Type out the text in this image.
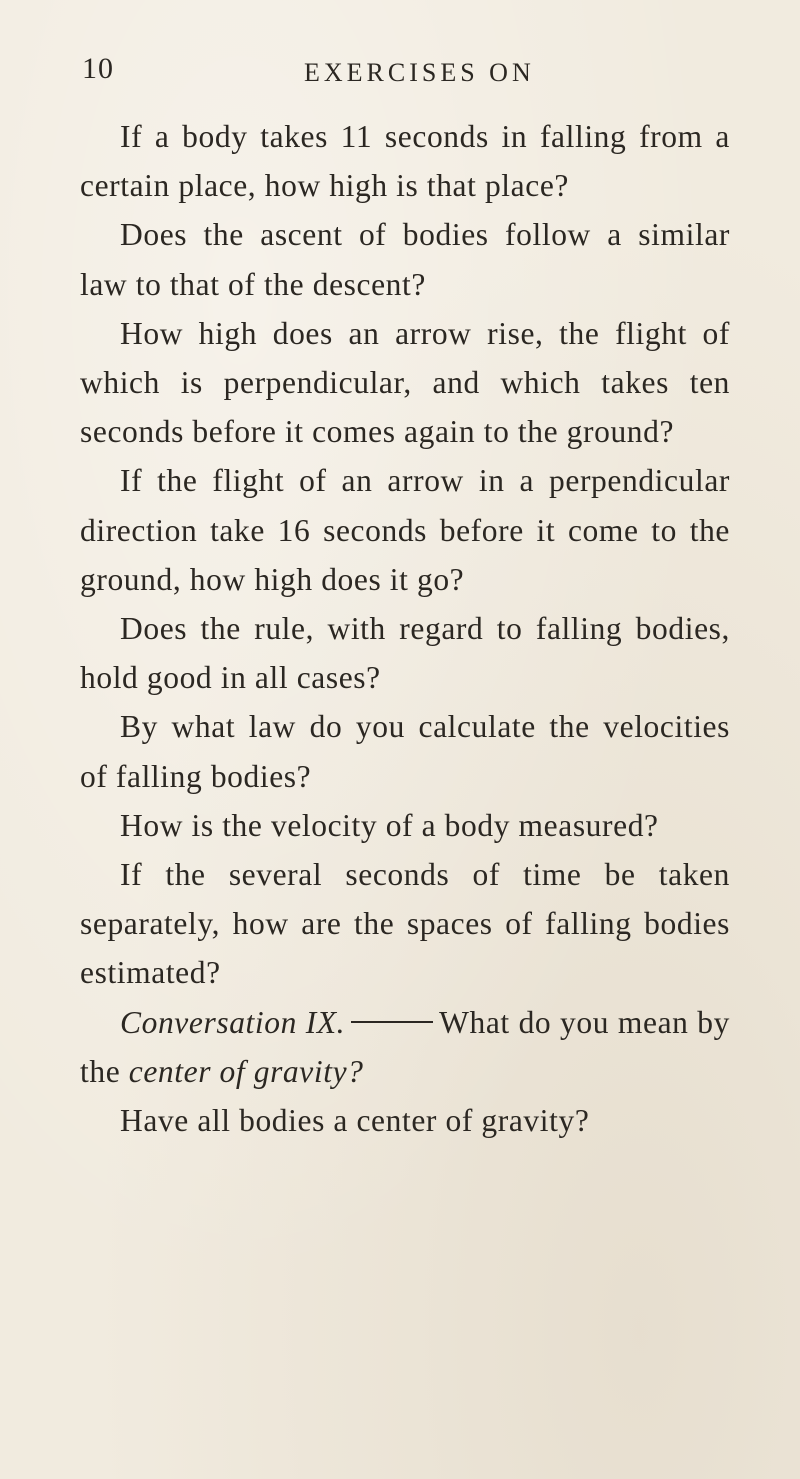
10	EXERCISES ON

If a body takes 11 seconds in falling from a certain place, how high is that place?

Does the ascent of bodies follow a similar law to that of the descent?

How high does an arrow rise, the flight of which is perpendicular, and which takes ten seconds before it comes again to the ground?

If the flight of an arrow in a perpendicular direction take 16 seconds before it come to the ground, how high does it go?

Does the rule, with regard to falling bodies, hold good in all cases?

By what law do you calculate the velocities of falling bodies?

How is the velocity of a body measured?

If the several seconds of time be taken separately, how are the spaces of falling bodies estimated?

Conversation IX.	What do you mean by the center of gravity?

Have all bodies a center of gravity?
